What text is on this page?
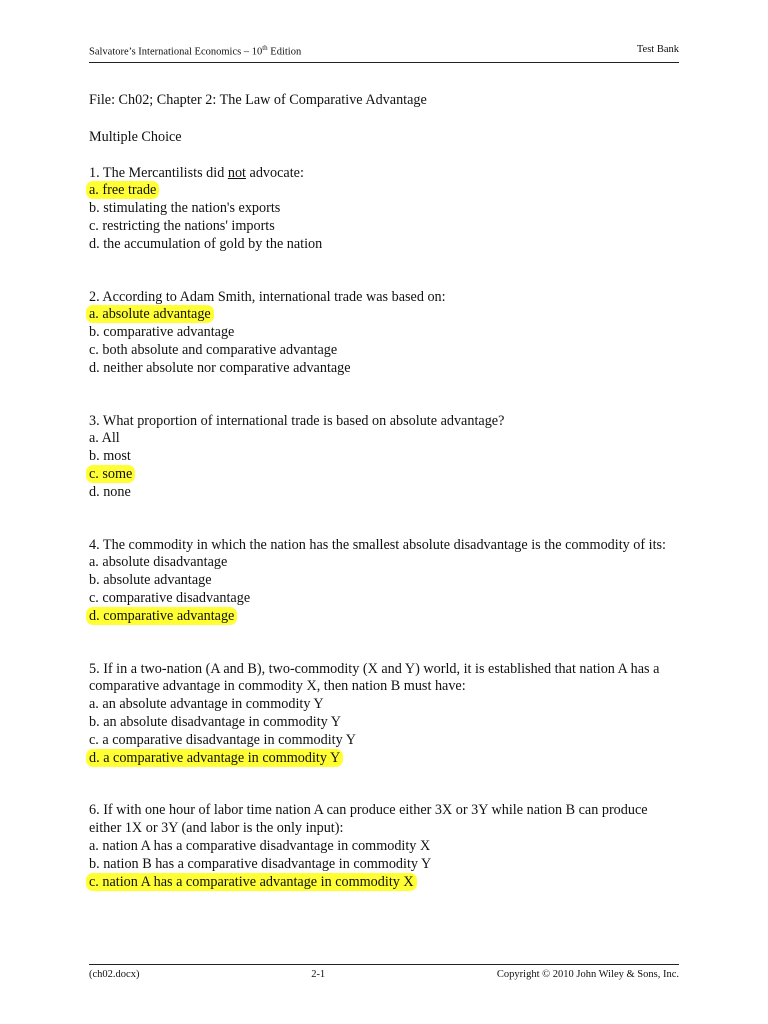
Salvatore’s International Economics – 10th Edition	Test Bank
File: Ch02; Chapter 2: The Law of Comparative Advantage
Multiple Choice
1. The Mercantilists did not advocate:
a. free trade
b. stimulating the nation's exports
c. restricting the nations' imports
d. the accumulation of gold by the nation
2. According to Adam Smith, international trade was based on:
a. absolute advantage
b. comparative advantage
c. both absolute and comparative advantage
d. neither absolute nor comparative advantage
3. What proportion of international trade is based on absolute advantage?
a. All
b. most
c. some
d. none
4. The commodity in which the nation has the smallest absolute disadvantage is the commodity of its:
a. absolute disadvantage
b. absolute advantage
c. comparative disadvantage
d. comparative advantage
5. If in a two-nation (A and B), two-commodity (X and Y) world, it is established that nation A has a comparative advantage in commodity X, then nation B must have:
a. an absolute advantage in commodity Y
b. an absolute disadvantage in commodity Y
c. a comparative disadvantage in commodity Y
d. a comparative advantage in commodity Y
6. If with one hour of labor time nation A can produce either 3X or 3Y while nation B can produce either 1X or 3Y (and labor is the only input):
a. nation A has a comparative disadvantage in commodity X
b. nation B has a comparative disadvantage in commodity Y
c. nation A has a comparative advantage in commodity X
(ch02.docx)	2-1	Copyright © 2010 John Wiley & Sons, Inc.
